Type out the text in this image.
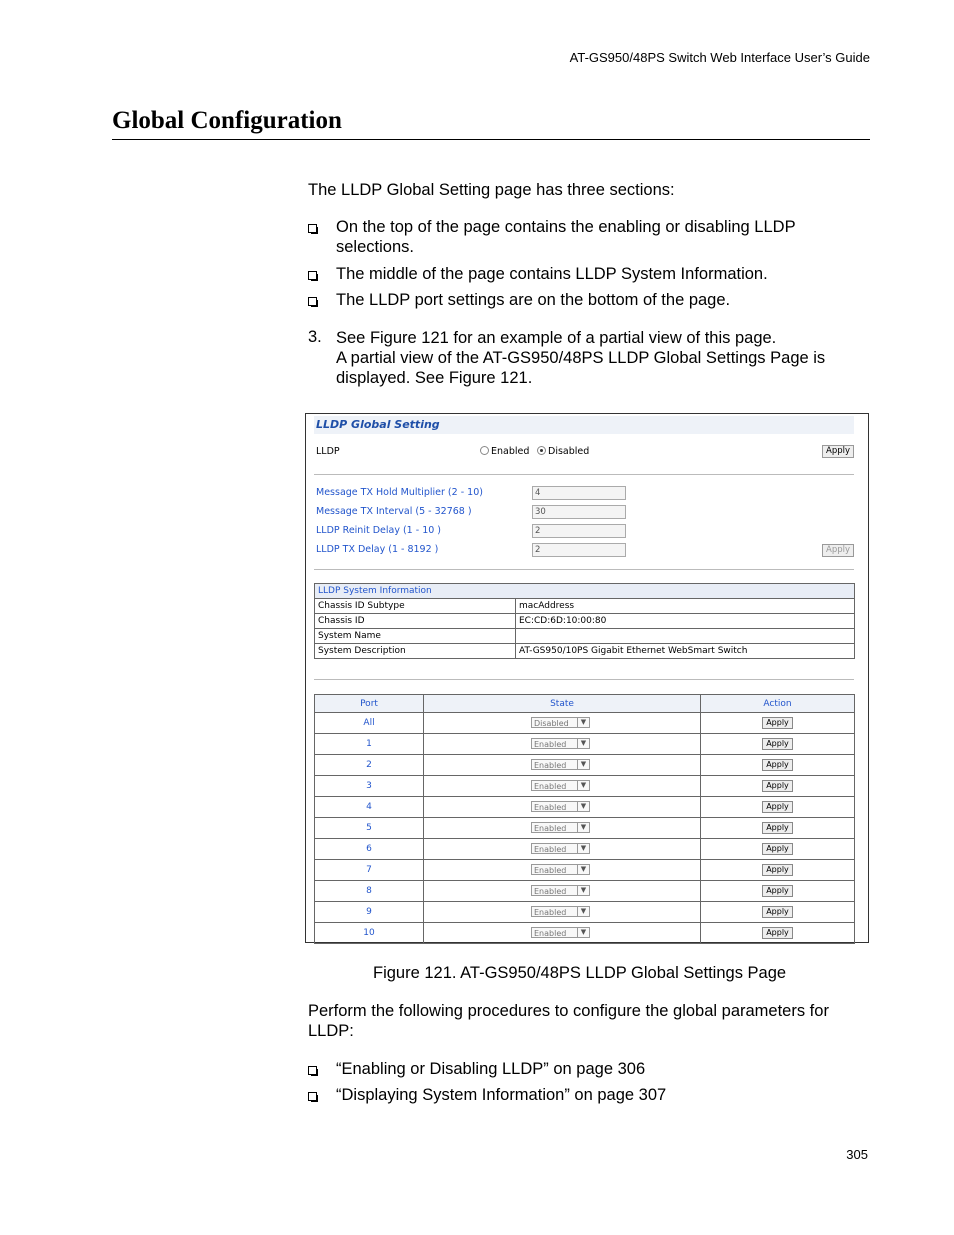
AT-GS950/48PS Switch Web Interface User’s Guide
Global Configuration
The LLDP Global Setting page has three sections:
On the top of the page contains the enabling or disabling LLDP selections.
The middle of the page contains LLDP System Information.
The LLDP port settings are on the bottom of the page.
3. See Figure 121 for an example of a partial view of this page.
A partial view of the AT-GS950/48PS LLDP Global Settings Page is displayed. See Figure 121.
LLDP Global Setting
LLDP	Enabled	Disabled	Apply
Message TX Hold Multiplier (2 - 10)	4
Message TX Interval (5 - 32768 )	30
LLDP Reinit Delay (1 - 10 )	2
LLDP TX Delay (1 - 8192 )	2	Apply
LLDP System Information	
Chassis ID Subtype	macAddress
Chassis ID	EC:CD:6D:10:00:80
System Name	
System Description	AT-GS950/10PS Gigabit Ethernet WebSmart Switch
Port	State	Action
All	Disabled ▼	Apply
1	Enabled ▼	Apply
2	Enabled ▼	Apply
3	Enabled ▼	Apply
4	Enabled ▼	Apply
5	Enabled ▼	Apply
6	Enabled ▼	Apply
7	Enabled ▼	Apply
8	Enabled ▼	Apply
9	Enabled ▼	Apply
10	Enabled ▼	Apply
Figure 121. AT-GS950/48PS LLDP Global Settings Page
Perform the following procedures to configure the global parameters for LLDP:
“Enabling or Disabling LLDP” on page 306
“Displaying System Information” on page 307
305
